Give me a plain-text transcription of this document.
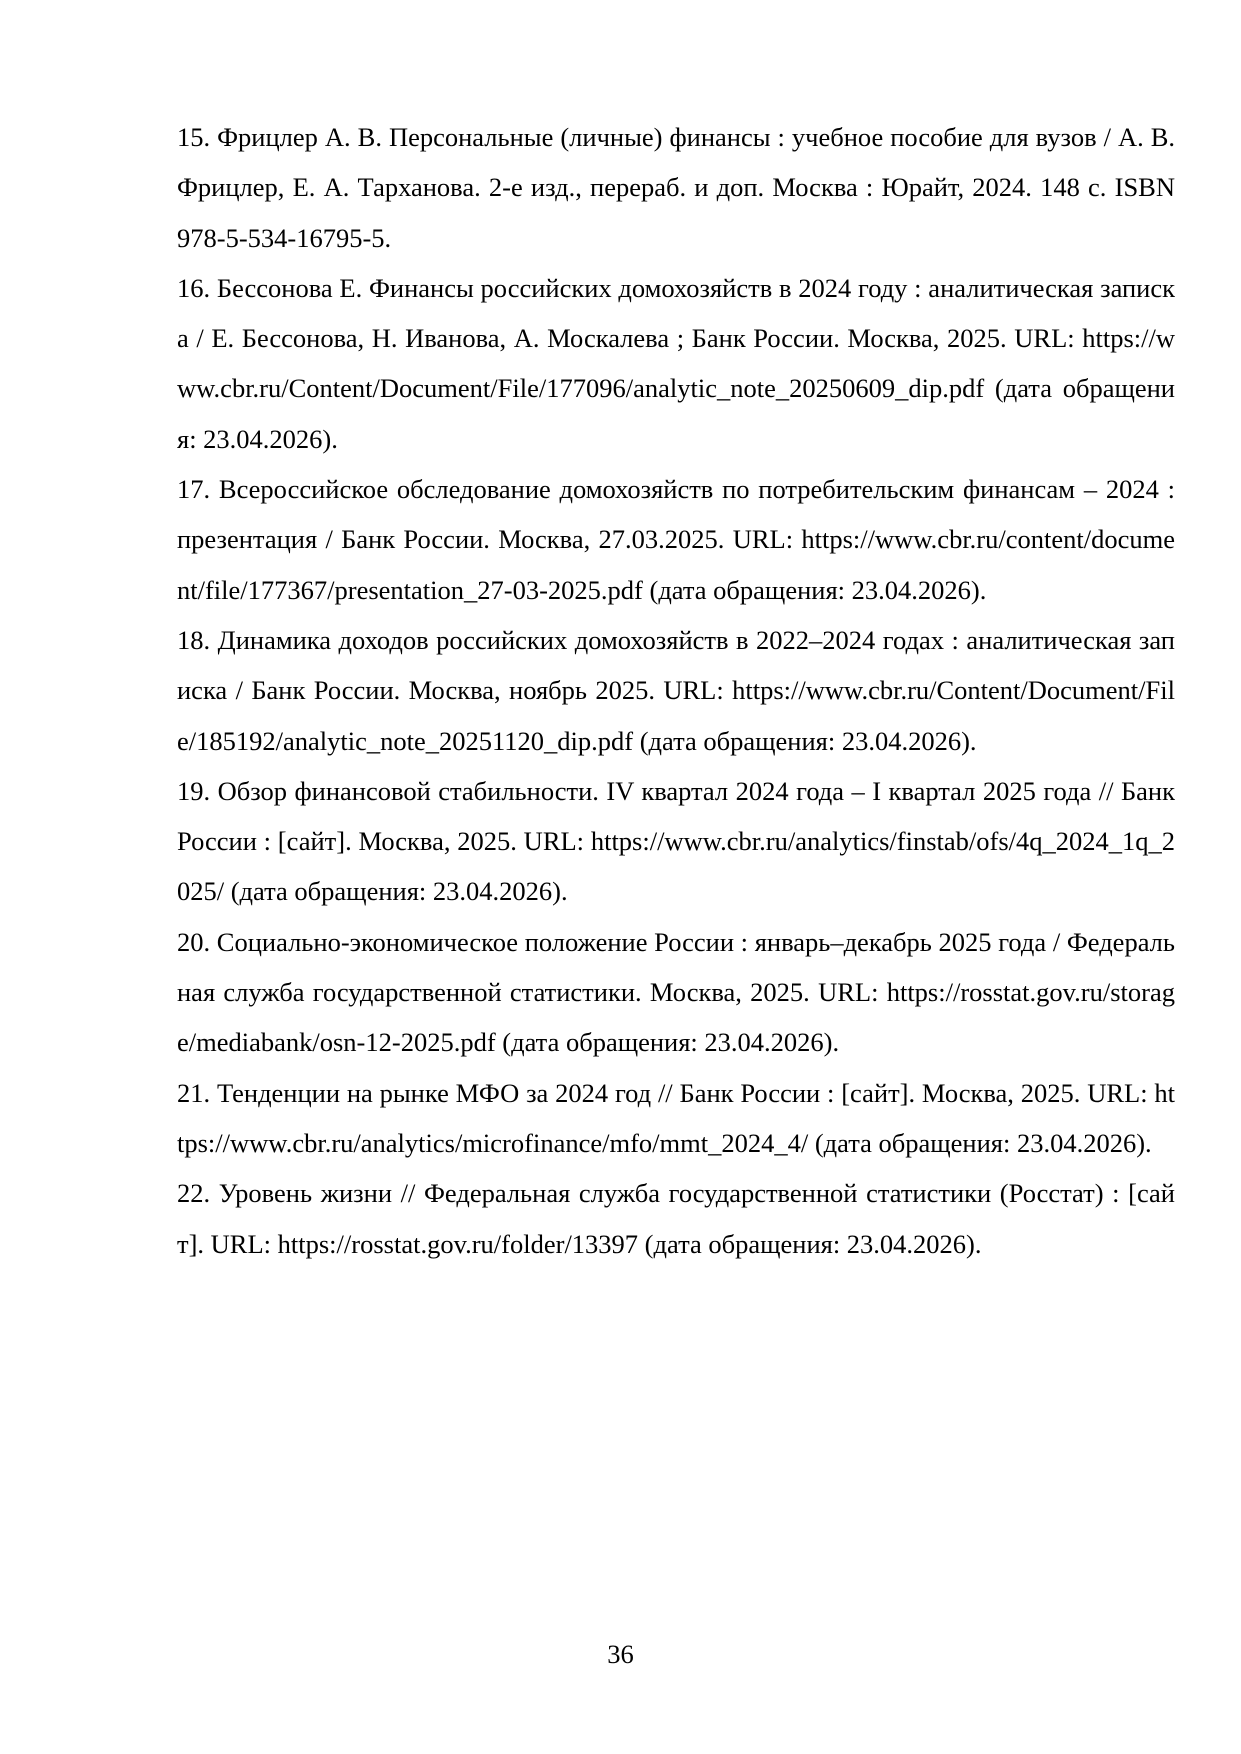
15. Фрицлер А. В. Персональные (личные) финансы : учебное пособие для вузов / А. В. Фрицлер, Е. А. Тарханова. 2-е изд., перераб. и доп. Москва : Юрайт, 2024. 148 с. ISBN 978-5-534-16795-5.

16. Бессонова Е. Финансы российских домохозяйств в 2024 году : аналитическая записка / Е. Бессонова, Н. Иванова, А. Москалева ; Банк России. Москва, 2025. URL: https://www.cbr.ru/Content/Document/File/177096/analytic_note_20250609_dip.pdf (дата обращения: 23.04.2026).

17. Всероссийское обследование домохозяйств по потребительским финансам – 2024 : презентация / Банк России. Москва, 27.03.2025. URL: https://www.cbr.ru/content/document/file/177367/presentation_27-03-2025.pdf (дата обращения: 23.04.2026).

18. Динамика доходов российских домохозяйств в 2022–2024 годах : аналитическая записка / Банк России. Москва, ноябрь 2025. URL: https://www.cbr.ru/Content/Document/File/185192/analytic_note_20251120_dip.pdf (дата обращения: 23.04.2026).

19. Обзор финансовой стабильности. IV квартал 2024 года – I квартал 2025 года // Банк России : [сайт]. Москва, 2025. URL: https://www.cbr.ru/analytics/finstab/ofs/4q_2024_1q_2025/ (дата обращения: 23.04.2026).

20. Социально-экономическое положение России : январь–декабрь 2025 года / Федеральная служба государственной статистики. Москва, 2025. URL: https://rosstat.gov.ru/storage/mediabank/osn-12-2025.pdf (дата обращения: 23.04.2026).

21. Тенденции на рынке МФО за 2024 год // Банк России : [сайт]. Москва, 2025. URL: https://www.cbr.ru/analytics/microfinance/mfo/mmt_2024_4/ (дата обращения: 23.04.2026).

22. Уровень жизни // Федеральная служба государственной статистики (Росстат) : [сайт]. URL: https://rosstat.gov.ru/folder/13397 (дата обращения: 23.04.2026).

36
